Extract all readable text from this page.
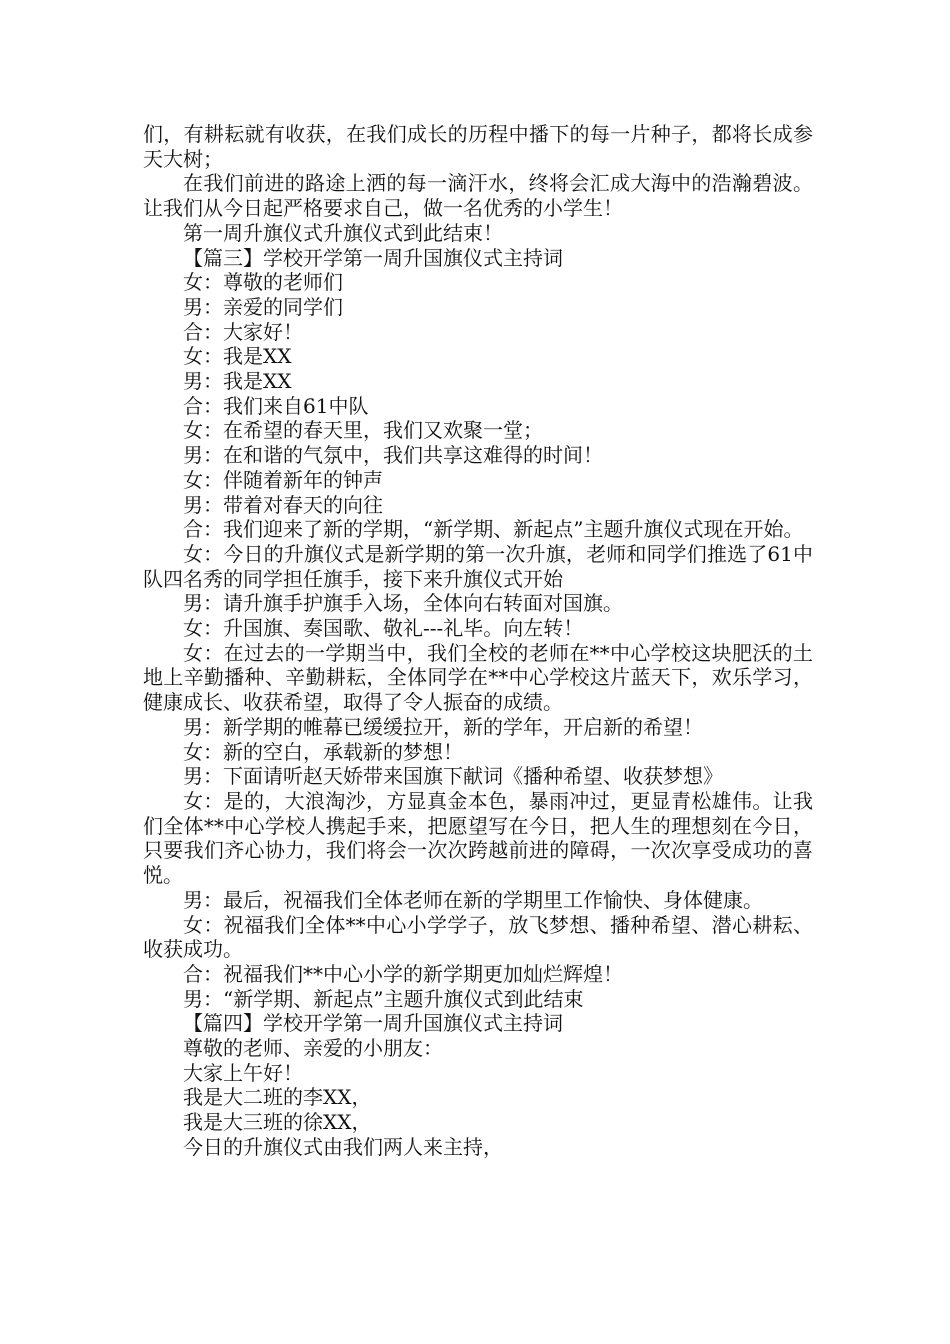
们，有耕耘就有收获，在我们成长的历程中播下的每一片种子，都将长成参天大树；

在我们前进的路途上洒的每一滴汗水，终将会汇成大海中的浩瀚碧波。让我们从今日起严格要求自己，做一名优秀的小学生！

第一周升旗仪式升旗仪式到此结束！

【篇三】学校开学第一周升国旗仪式主持词

女：尊敬的老师们

男：亲爱的同学们

合：大家好！

女：我是XX

男：我是XX

合：我们来自61中队

女：在希望的春天里，我们又欢聚一堂；

男：在和谐的气氛中，我们共享这难得的时间！

女：伴随着新年的钟声

男：带着对春天的向往

合：我们迎来了新的学期，“新学期、新起点”主题升旗仪式现在开始。

女：今日的升旗仪式是新学期的第一次升旗，老师和同学们推选了61中队四名秀的同学担任旗手，接下来升旗仪式开始

男：请升旗手护旗手入场，全体向右转面对国旗。

女：升国旗、奏国歌、敬礼---礼毕。向左转！

女：在过去的一学期当中，我们全校的老师在**中心学校这块肥沃的土地上辛勤播种、辛勤耕耘，全体同学在**中心学校这片蓝天下，欢乐学习，健康成长、收获希望，取得了令人振奋的成绩。

男：新学期的帷幕已缓缓拉开，新的学年，开启新的希望！

女：新的空白，承载新的梦想！

男：下面请听赵天娇带来国旗下献词《播种希望、收获梦想》

女：是的，大浪淘沙，方显真金本色，暴雨冲过，更显青松雄伟。让我们全体**中心学校人携起手来，把愿望写在今日，把人生的理想刻在今日，只要我们齐心协力，我们将会一次次跨越前进的障碍，一次次享受成功的喜悦。

男：最后，祝福我们全体老师在新的学期里工作愉快、身体健康。

女：祝福我们全体**中心小学学子，放飞梦想、播种希望、潜心耕耘、收获成功。

合：祝福我们**中心小学的新学期更加灿烂辉煌！

男：“新学期、新起点”主题升旗仪式到此结束

【篇四】学校开学第一周升国旗仪式主持词

尊敬的老师、亲爱的小朋友：

大家上午好！

我是大二班的李XX，

我是大三班的徐XX，

今日的升旗仪式由我们两人来主持，
